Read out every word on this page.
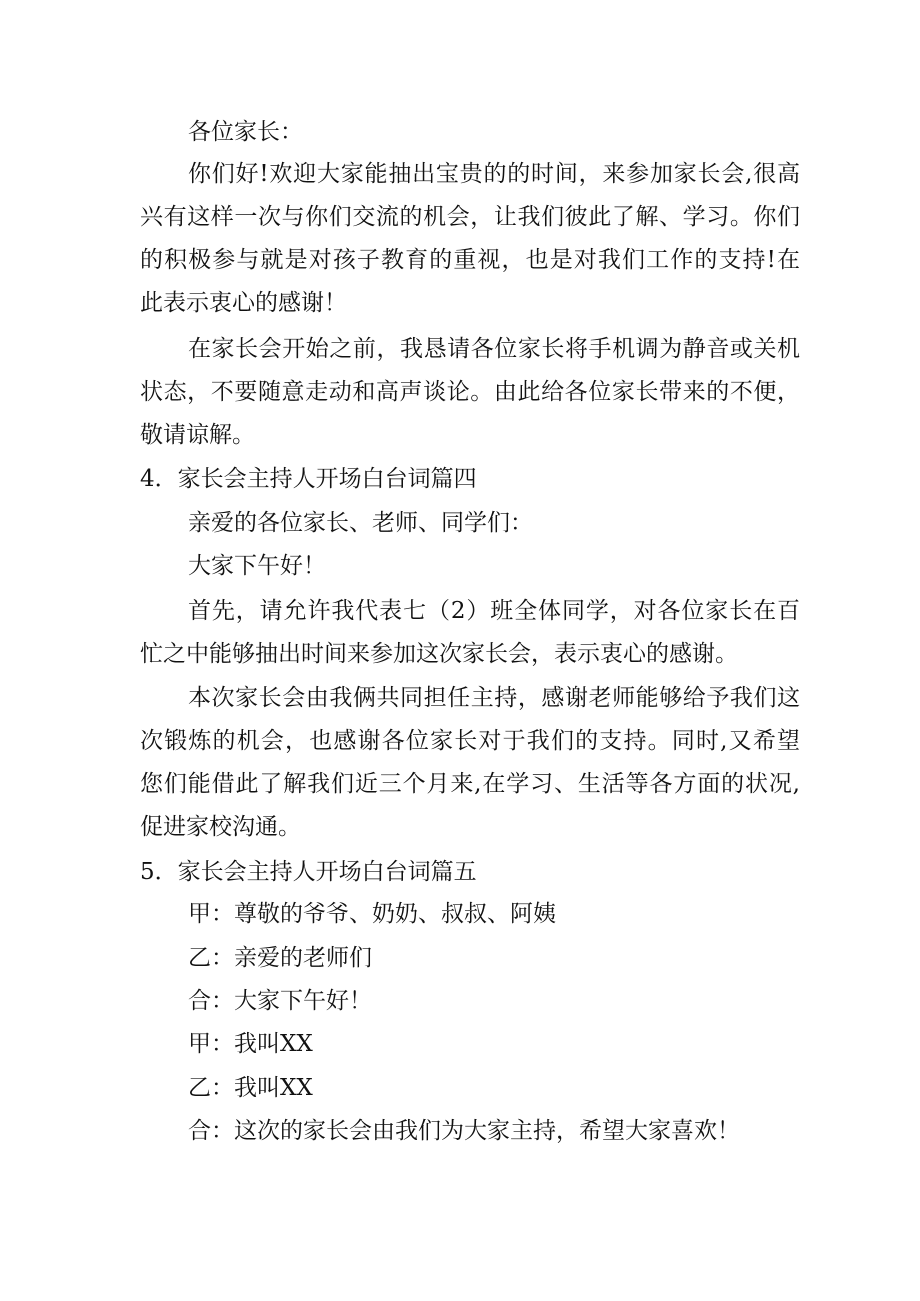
各位家长：

你们好!欢迎大家能抽出宝贵的的时间，来参加家长会,很高

兴有这样一次与你们交流的机会，让我们彼此了解、学习。你们

的积极参与就是对孩子教育的重视，也是对我们工作的支持!在

此表示衷心的感谢！

在家长会开始之前，我恳请各位家长将手机调为静音或关机

状态，不要随意走动和高声谈论。由此给各位家长带来的不便，

敬请谅解。

4．家长会主持人开场白台词篇四

亲爱的各位家长、老师、同学们：

大家下午好！

首先，请允许我代表七（2）班全体同学，对各位家长在百

忙之中能够抽出时间来参加这次家长会，表示衷心的感谢。

本次家长会由我俩共同担任主持，感谢老师能够给予我们这

次锻炼的机会，也感谢各位家长对于我们的支持。同时,又希望

您们能借此了解我们近三个月来,在学习、生活等各方面的状况,

促进家校沟通。

5．家长会主持人开场白台词篇五

甲：尊敬的爷爷、奶奶、叔叔、阿姨

乙：亲爱的老师们

合：大家下午好！

甲：我叫XX

乙：我叫XX

合：这次的家长会由我们为大家主持，希望大家喜欢！
